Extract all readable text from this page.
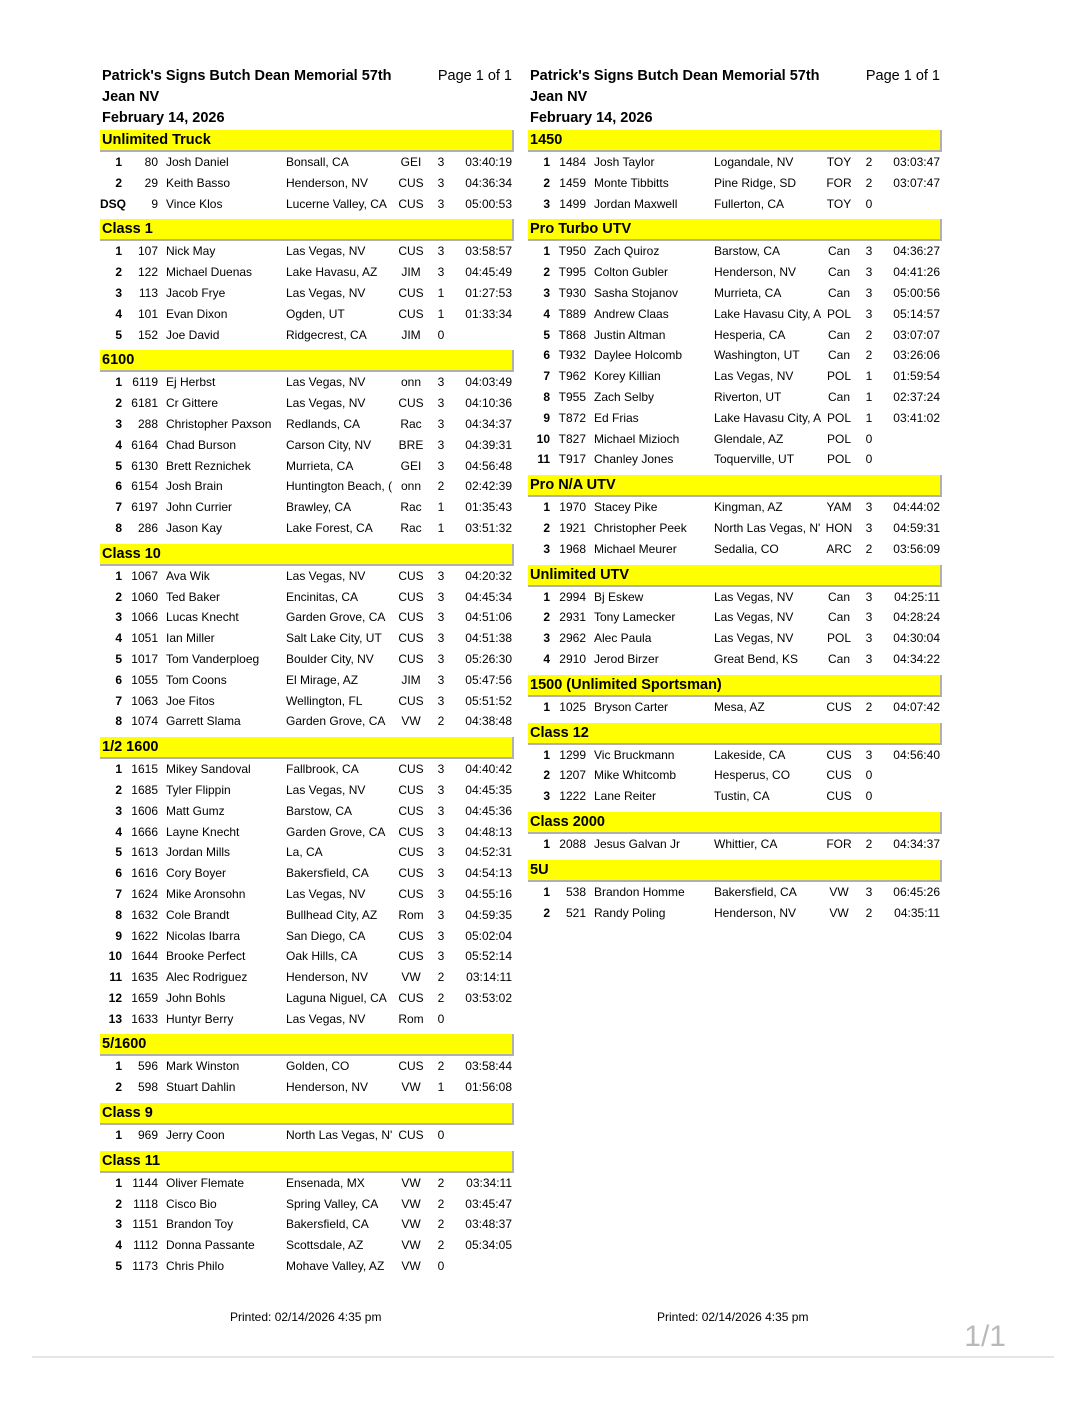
Patrick's Signs Butch Dean Memorial 57th
Jean NV
February 14, 2026
Page 1 of 1
Unlimited Truck
1	80 Josh Daniel	Bonsall, CA	GEI	3	03:40:19
2	29 Keith Basso	Henderson, NV	CUS	3	04:36:34
DSQ	9 Vince Klos	Lucerne Valley, CA CUS	3	05:00:53
Class 1
1	107 Nick May	Las Vegas, NV	CUS	3	03:58:57
2	122 Michael Duenas	Lake Havasu, AZ	JIM	3	04:45:49
3	113 Jacob Frye	Las Vegas, NV	CUS	1	01:27:53
4	101 Evan Dixon	Ogden, UT	CUS	1	01:33:34
5	152 Joe David	Ridgecrest, CA	JIM	0
6100
1 6119 Ej Herbst	Las Vegas, NV	onn	3	04:03:49
2 6181 Cr Gittere	Las Vegas, NV	CUS	3	04:10:36
3	288 Christopher Paxson	Redlands, CA	Rac	3	04:34:37
4 6164 Chad Burson	Carson City, NV	BRE	3	04:39:31
5 6130 Brett Reznichek	Murrieta, CA	GEI	3	04:56:48
6 6154 Josh Brain	Huntington Beach, ( onn	2	02:42:39
7 6197 John Currier	Brawley, CA	Rac	1	01:35:43
8	286 Jason Kay	Lake Forest, CA	Rac	1	03:51:32
Class 10
1 1067 Ava Wik	Las Vegas, NV	CUS	3	04:20:32
2 1060 Ted Baker	Encinitas, CA	CUS	3	04:45:34
3 1066 Lucas Knecht	Garden Grove, CA	CUS	3	04:51:06
4 1051 Ian Miller	Salt Lake City, UT	CUS	3	04:51:38
5 1017 Tom Vanderploeg	Boulder City, NV	CUS	3	05:26:30
6 1055 Tom Coons	El Mirage, AZ	JIM	3	05:47:56
7 1063 Joe Fitos	Wellington, FL	CUS	3	05:51:52
8 1074 Garrett Slama	Garden Grove, CA	VW	2	04:38:48
1/2 1600
1 1615 Mikey Sandoval	Fallbrook, CA	CUS	3	04:40:42
2 1685 Tyler Flippin	Las Vegas, NV	CUS	3	04:45:35
3 1606 Matt Gumz	Barstow, CA	CUS	3	04:45:36
4 1666 Layne Knecht	Garden Grove, CA	CUS	3	04:48:13
5 1613 Jordan Mills	La, CA	CUS	3	04:52:31
6 1616 Cory Boyer	Bakersfield, CA	CUS	3	04:54:13
7 1624 Mike Aronsohn	Las Vegas, NV	CUS	3	04:55:16
8 1632 Cole Brandt	Bullhead City, AZ	Rom	3	04:59:35
9 1622 Nicolas Ibarra	San Diego, CA	CUS	3	05:02:04
10 1644 Brooke Perfect	Oak Hills, CA	CUS	3	05:52:14
11 1635 Alec Rodriguez	Henderson, NV	VW	2	03:14:11
12 1659 John Bohls	Laguna Niguel, CA CUS	2	03:53:02
13 1633 Huntyr Berry	Las Vegas, NV	Rom	0
5/1600
1	596 Mark Winston	Golden, CO	CUS	2	03:58:44
2	598 Stuart Dahlin	Henderson, NV	VW	1	01:56:08
Class 9
1	969 Jerry Coon	North Las Vegas, N' CUS	0
Class 11
1 1144 Oliver Flemate	Ensenada, MX	VW	2	03:34:11
2 1118 Cisco Bio	Spring Valley, CA	VW	2	03:45:47
3 1151 Brandon Toy	Bakersfield, CA	VW	2	03:48:37
4 1112 Donna Passante	Scottsdale, AZ	VW	2	05:34:05
5 1173 Chris Philo	Mohave Valley, AZ	VW	0
Patrick's Signs Butch Dean Memorial 57th
Jean NV
February 14, 2026
Page 1 of 1
1450
1 1484 Josh Taylor	Logandale, NV	TOY	2	03:03:47
2 1459 Monte Tibbitts	Pine Ridge, SD	FOR	2	03:07:47
3 1499 Jordan Maxwell	Fullerton, CA	TOY	0
Pro Turbo UTV
1 T950 Zach Quiroz	Barstow, CA	Can	3	04:36:27
2 T995 Colton Gubler	Henderson, NV	Can	3	04:41:26
3 T930 Sasha Stojanov	Murrieta, CA	Can	3	05:00:56
4 T889 Andrew Claas	Lake Havasu City, A POL	3	05:14:57
5 T868 Justin Altman	Hesperia, CA	Can	2	03:07:07
6 T932 Daylee Holcomb	Washington, UT	Can	2	03:26:06
7 T962 Korey Killian	Las Vegas, NV	POL	1	01:59:54
8 T955 Zach Selby	Riverton, UT	Can	1	02:37:24
9 T872 Ed Frias	Lake Havasu City, A POL	1	03:41:02
10 T827 Michael Mizioch	Glendale, AZ	POL	0
11 T917 Chanley Jones	Toquerville, UT	POL	0
Pro N/A UTV
1 1970 Stacey Pike	Kingman, AZ	YAM	3	04:44:02
2 1921 Christopher Peek	North Las Vegas, N' HON	3	04:59:31
3 1968 Michael Meurer	Sedalia, CO	ARC	2	03:56:09
Unlimited UTV
1 2994 Bj Eskew	Las Vegas, NV	Can	3	04:25:11
2 2931 Tony Lamecker	Las Vegas, NV	Can	3	04:28:24
3 2962 Alec Paula	Las Vegas, NV	POL	3	04:30:04
4 2910 Jerod Birzer	Great Bend, KS	Can	3	04:34:22
1500 (Unlimited Sportsman)
1 1025 Bryson Carter	Mesa, AZ	CUS	2	04:07:42
Class 12
1 1299 Vic Bruckmann	Lakeside, CA	CUS	3	04:56:40
2 1207 Mike Whitcomb	Hesperus, CO	CUS	0
3 1222 Lane Reiter	Tustin, CA	CUS	0
Class 2000
1 2088 Jesus Galvan Jr	Whittier, CA	FOR	2	04:34:37
5U
1	538 Brandon Homme	Bakersfield, CA	VW	3	06:45:26
2	521 Randy Poling	Henderson, NV	VW	2	04:35:11
Printed: 02/14/2026 4:35 pm	Printed: 02/14/2026 4:35 pm
1/1
